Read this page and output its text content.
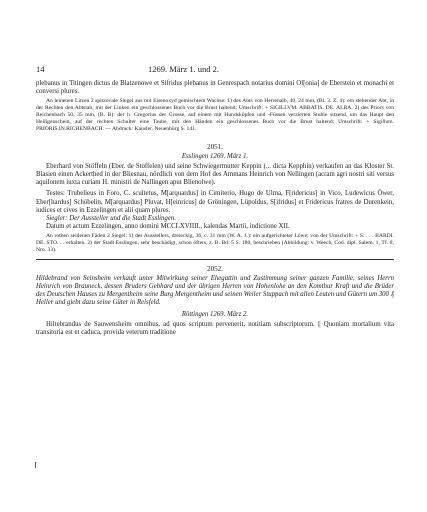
14	1269. März 1. und 2.

plebanus in Titingen dictus de Blatzenowe et Sifridus plebanus in Genrespach notarius domini Ol[onia] de Eberstein et monachi et conversi plures.

An leinenen Litzen 2 spitzovale Siegel aus mit Eisenoxyd gemischtem Wachse: 1) des Abts von Herrenalb, 40, 24 mm, (Bl. 3. Z. 4): ein stehender Abt, in der Rechten den Abtstab, mit der Linken ein geschlossenes Buch vor die Brust haltend; Umschrift: + SIGILLVM. ABBATIS. DE. ALBA. 2) des Priors von Reichenbach 50, 35 mm, (B. B): der h. Gregorius der Grosse, auf einem mit Hundsköpfen und -Füssen verzierten Stuhle sitzend, um das Haupt den Heiligenschein, auf der rechten Schulter eine Taube, mit den Händen ein geschlossenes Buch vor die Brust haltend; Umschrift: + Sigillum. PRIORIS.IN.RICHENBACH. — Abdruck: Kausler, Neuenbürg S. 141.

2051.
Esslingen 1269. März 1.

Eberhard von Stöffeln (Eber. de Stoffelen) und seine Schwiegermutter Keppin (... dicta Kepphin) verkaufen an das Kloster St. Blasien einen Ackerthed in der Bliesnau, nördlich von dem Hof des Ammans Heinrich von Nellingen (acram agri nostri siti versus aquilonem iuxta curiam H. ministri de Nallingen aput Blienolwe).

Testes: Trubelieus in Foro, C. scultetus, M[arquardus] in Cimiterio, Hugo de Ulma, F[ridericus] in Vico, Ludewicus Öwer, Eber[hardus] Schöbelin, M[arquardus] Pluvat, H[einricus] de Gröningen, Lüpoldus, S[ifridus] et Fridericus fratres de Durenkein, iudices et cives in Ezzelingen et alii quam plures.

Siegler: Der Aussteller und die Stadt Esslingen.

Datum et actum Ezzelingen, anno domini MCCLXVIIII., kalendas Martii, indictione XII.

An rothen seidenen Fäden 2 Siegel: 1) des Ausstellers, dreieckig, 36, c. 31 mm (W. A. 1.): ein aufgerichteter Löwe; von der Umschrift: + S. . . . BARDI. DE. STO. . . erhalten. 2) der Stadt Esslingen, sehr beschädigt, schon öfters, z. B. Bd. 5 S. 180, beschrieben (Abbildung: v. Weech, Cod. dipl. Salem. 1, Tf. 8, Nro. 33).

2052.

Hildebrand von Seinsheim verkauft unter Mitwirkung seiner Ehegattin und Zustimmung seiner ganzen Familie, seines Herrn Heinrich von Brauneck, dessen Bruders Gebhard und der übrigen Herren von Hohenlohe an den Komthur Kraft und die Brüder des Deutschen Hauses zu Mergentheim seine Burg Mergentheim und seinen Weiler Stuppach mit allen Leuten und Gütern um 300 ₰ Heller und giebt dazu seine Güter in Reisfeld.

Röttingen 1269. März 2.

Hiltebrandus de Sauwensheim omnibus, ad quos scriptum pervenerit, notitiam subscriptorum. || Quoniam mortalium vita transitoria est et caduca, provida veterum traditione
